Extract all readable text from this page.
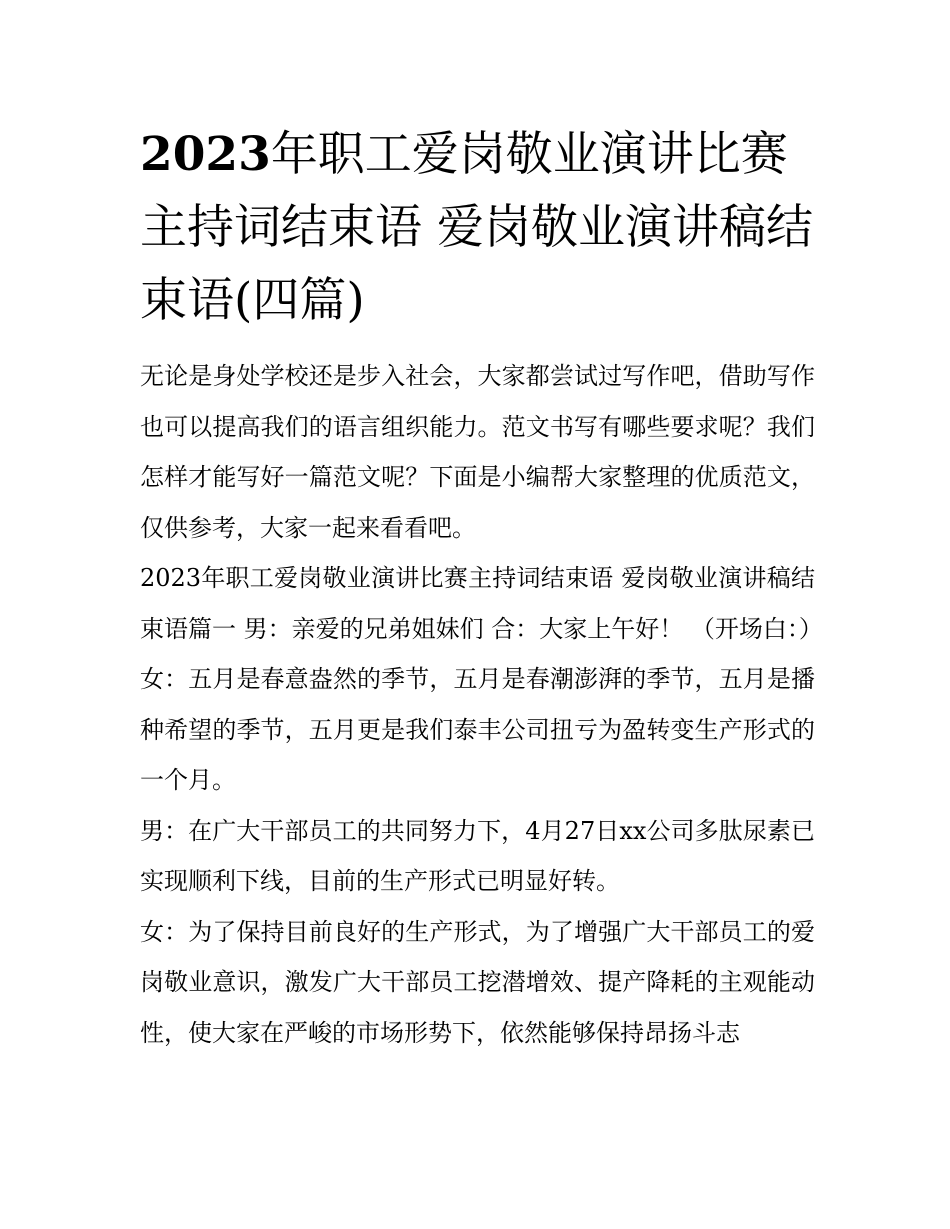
2023年职工爱岗敬业演讲比赛主持词结束语 爱岗敬业演讲稿结束语(四篇)

无论是身处学校还是步入社会，大家都尝试过写作吧，借助写作也可以提高我们的语言组织能力。范文书写有哪些要求呢？我们怎样才能写好一篇范文呢？下面是小编帮大家整理的优质范文，仅供参考，大家一起来看看吧。

2023年职工爱岗敬业演讲比赛主持词结束语 爱岗敬业演讲稿结束语篇一 男：亲爱的兄弟姐妹们 合：大家上午好！ （开场白：）

女：五月是春意盎然的季节，五月是春潮澎湃的季节，五月是播种希望的季节，五月更是我们泰丰公司扭亏为盈转变生产形式的一个月。

男：在广大干部员工的共同努力下，4月27日xx公司多肽尿素已实现顺利下线，目前的生产形式已明显好转。

女：为了保持目前良好的生产形式，为了增强广大干部员工的爱岗敬业意识，激发广大干部员工挖潜增效、提产降耗的主观能动性，使大家在严峻的市场形势下，依然能够保持昂扬斗志
